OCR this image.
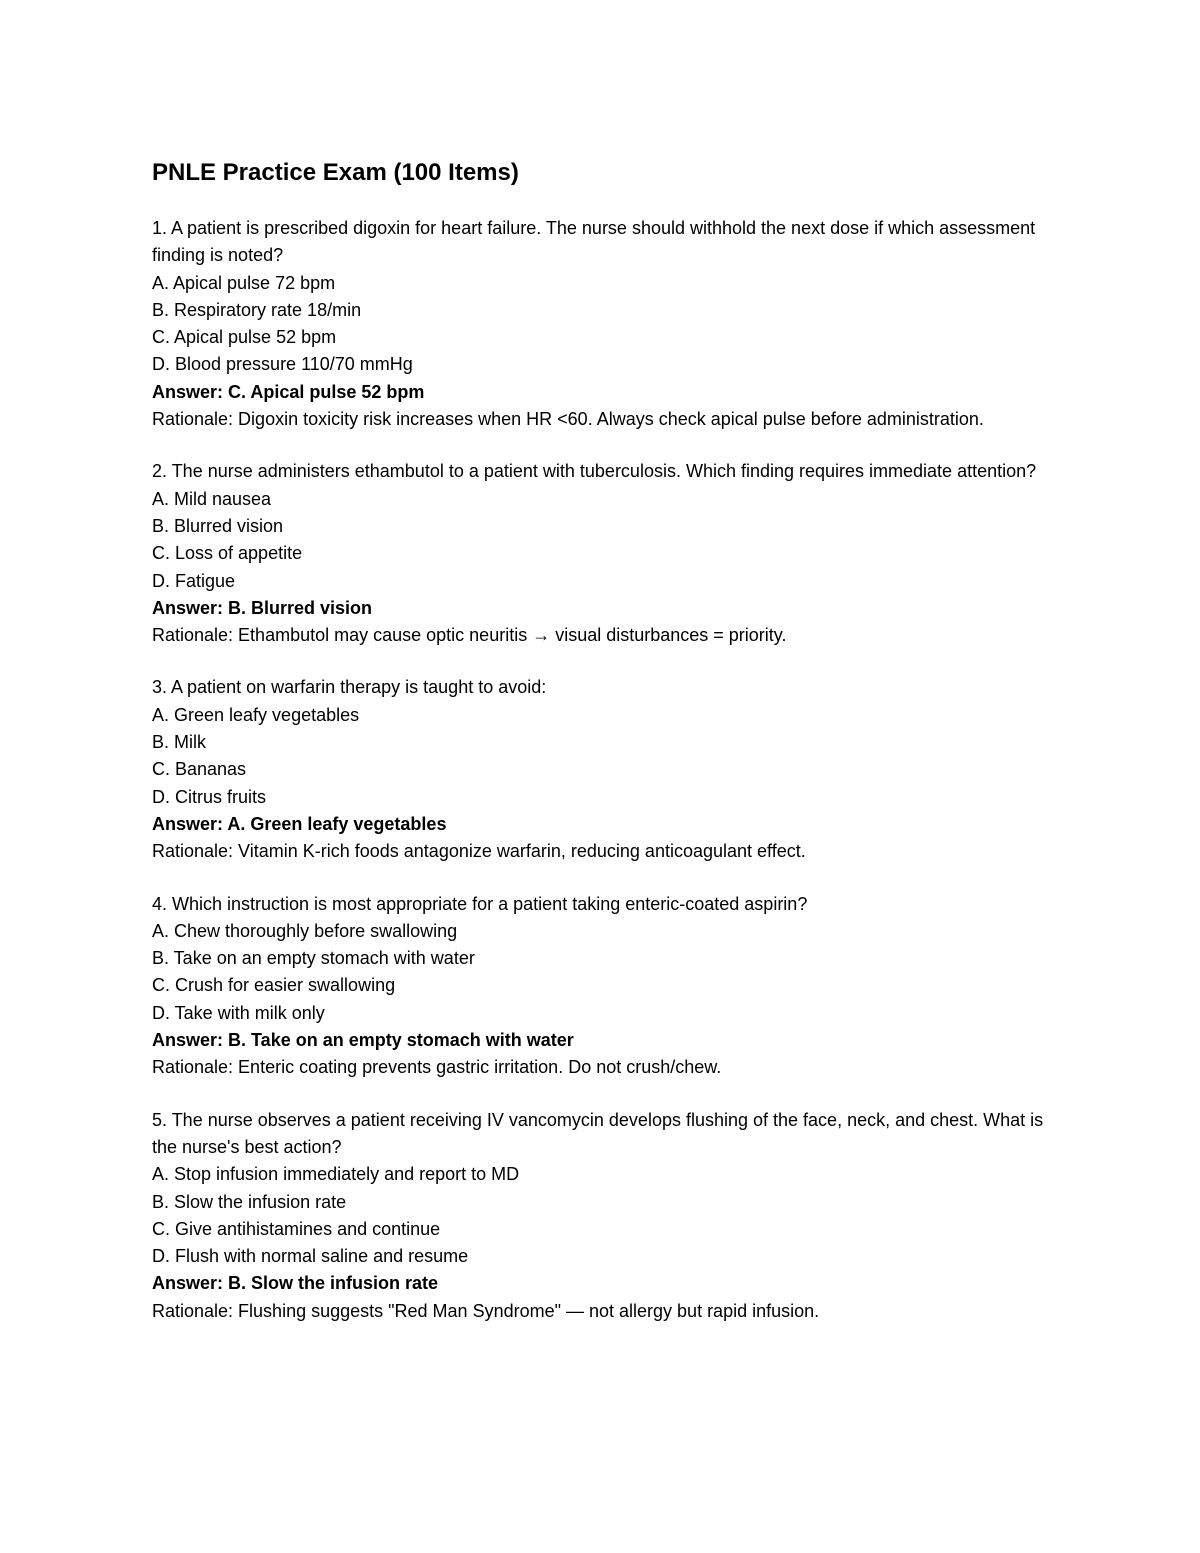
PNLE Practice Exam (100 Items)
1. A patient is prescribed digoxin for heart failure. The nurse should withhold the next dose if which assessment finding is noted?
A. Apical pulse 72 bpm
B. Respiratory rate 18/min
C. Apical pulse 52 bpm
D. Blood pressure 110/70 mmHg
Answer: C. Apical pulse 52 bpm
Rationale: Digoxin toxicity risk increases when HR <60. Always check apical pulse before administration.
2. The nurse administers ethambutol to a patient with tuberculosis. Which finding requires immediate attention?
A. Mild nausea
B. Blurred vision
C. Loss of appetite
D. Fatigue
Answer: B. Blurred vision
Rationale: Ethambutol may cause optic neuritis → visual disturbances = priority.
3. A patient on warfarin therapy is taught to avoid:
A. Green leafy vegetables
B. Milk
C. Bananas
D. Citrus fruits
Answer: A. Green leafy vegetables
Rationale: Vitamin K-rich foods antagonize warfarin, reducing anticoagulant effect.
4. Which instruction is most appropriate for a patient taking enteric-coated aspirin?
A. Chew thoroughly before swallowing
B. Take on an empty stomach with water
C. Crush for easier swallowing
D. Take with milk only
Answer: B. Take on an empty stomach with water
Rationale: Enteric coating prevents gastric irritation. Do not crush/chew.
5. The nurse observes a patient receiving IV vancomycin develops flushing of the face, neck, and chest. What is the nurse's best action?
A. Stop infusion immediately and report to MD
B. Slow the infusion rate
C. Give antihistamines and continue
D. Flush with normal saline and resume
Answer: B. Slow the infusion rate
Rationale: Flushing suggests "Red Man Syndrome" — not allergy but rapid infusion.
